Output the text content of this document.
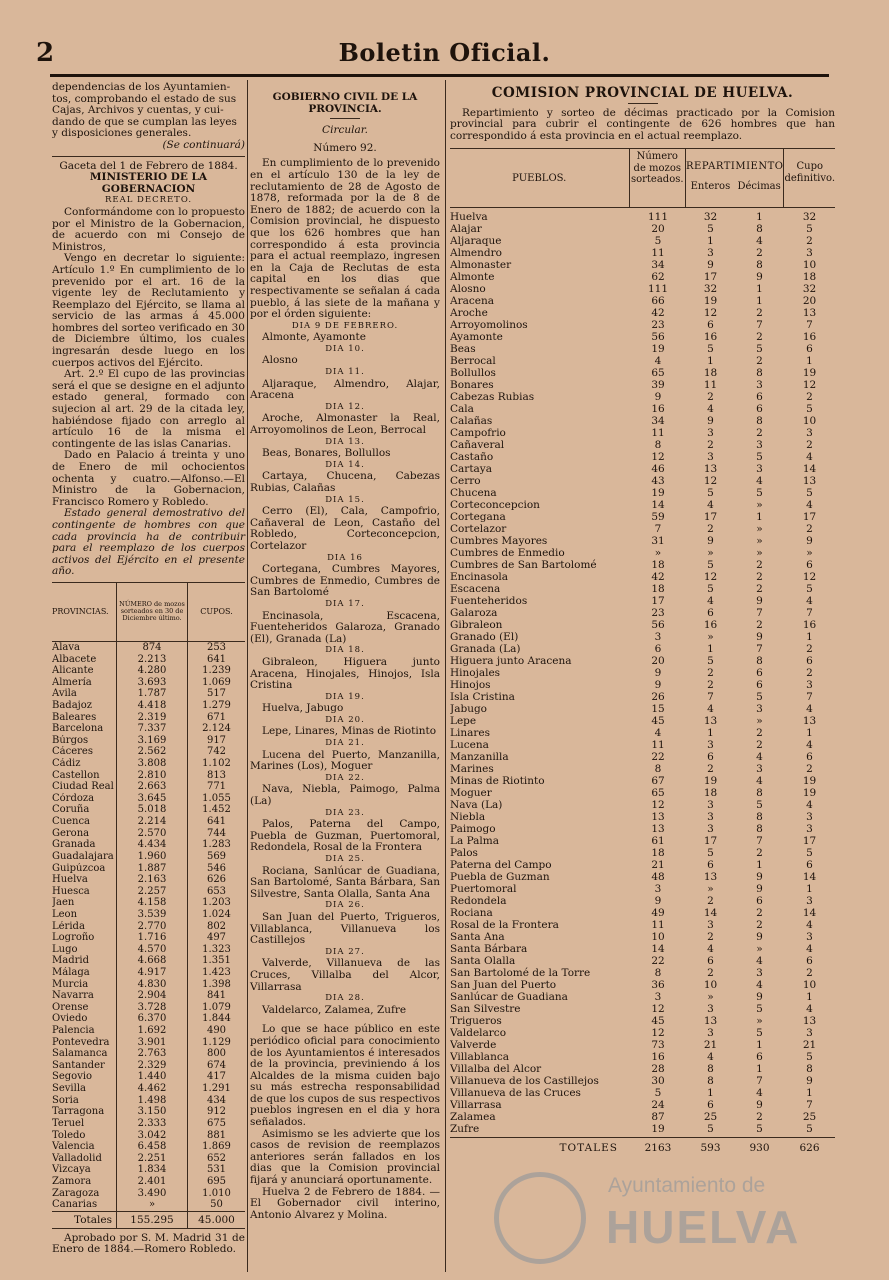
2	Boletin Oficial.

dependencias de los Ayuntamien-

tos, comprobando el estado de sus

Cajas, Archivos y cuentas, y cui-

dando de que se cumplan las leyes

y disposiciones generales.

(Se continuará)

Gaceta del 1 de Febrero de 1884.

MINISTERIO DE LA GOBERNACION

REAL DECRETO.

Conformándome con lo propuesto por el Ministro de la Gobernacion, de acuerdo con mi Consejo de Ministros,

Vengo en decretar lo siguiente: Artículo 1.º En cumplimiento de lo prevenido por el art. 16 de la vigente ley de Reclutamiento y Reemplazo del Ejército, se llama al servicio de las armas á 45.000 hombres del sorteo verificado en 30 de Diciembre último, los cuales ingresarán desde luego en los cuerpos activos del Ejército.

Art. 2.º El cupo de las provincias será el que se designe en el adjunto estado general, formado con sujecion al art. 29 de la citada ley, habiéndose fijado con arreglo al artículo 16 de la misma el contingente de las islas Canarias.

Dado en Palacio á treinta y uno de Enero de mil ochocientos ochenta y cuatro.—Alfonso.—El Ministro de la Gobernacion, Francisco Romero y Robledo.

Estado general demostrativo del contingente de hombres con que cada provincia ha de contribuir para el reemplazo de los cuerpos activos del Ejército en el presente año.

PROVINCIAS.
NÚMERO de mozos sorteados en 30 de Diciembre último.
CUPOS.
Alava	874	253
Albacete	2.213	641
Alicante	4.280	1.239
Almería	3.693	1.069
Avila	1.787	517
Badajoz	4.418	1.279
Baleares	2.319	671
Barcelona	7.337	2.124
Búrgos	3.169	917
Cáceres	2.562	742
Cádiz	3.808	1.102
Castellon	2.810	813
Ciudad Real	2.663	771
Córdoza	3.645	1.055
Coruña	5.018	1.452
Cuenca	2.214	641
Gerona	2.570	744
Granada	4.434	1.283
Guadalajara	1.960	569
Guipúzcoa	1.887	546
Huelva	2.163	626
Huesca	2.257	653
Jaen	4.158	1.203
Leon	3.539	1.024
Lérida	2.770	802
Logroño	1.716	497
Lugo	4.570	1.323
Madrid	4.668	1.351
Málaga	4.917	1.423
Murcia	4.830	1.398
Navarra	2.904	841
Orense	3.728	1.079
Oviedo	6.370	1.844
Palencia	1.692	490
Pontevedra	3.901	1.129
Salamanca	2.763	800
Santander	2.329	674
Segovio	1.440	417
Sevilla	4.462	1.291
Soria	1.498	434
Tarragona	3.150	912
Teruel	2.333	675
Toledo	3.042	881
Valencia	6.458	1.869
Valladolid	2.251	652
Vizcaya	1.834	531
Zamora	2.401	695
Zaragoza	3.490	1.010
Canarias	»	50
Totales	155.295	45.000

Aprobado por S. M. Madrid 31 de Enero de 1884.—Romero Robledo.

GOBIERNO CIVIL DE LA PROVINCIA.

Circular.

Número 92.

En cumplimiento de lo prevenido en el artículo 130 de la ley de reclutamiento de 28 de Agosto de 1878, reformada por la de 8 de Enero de 1882; de acuerdo con la Comision provincial, he dispuesto que los 626 hombres que han correspondido á esta provincia para el actual reemplazo, ingresen en la Caja de Reclutas de esta capital en los dias que respectivamente se señalan á cada pueblo, á las siete de la mañana y por el órden siguiente:

DIA 9 DE FEBRERO.

Almonte, Ayamonte

DIA 10.

Alosno

DIA 11.

Aljaraque, Almendro, Alajar, Aracena

DIA 12.

Aroche, Almonaster la Real, Arroyomolinos de Leon, Berrocal

DIA 13.

Beas, Bonares, Bollullos

DIA 14.

Cartaya, Chucena, Cabezas Rubias, Calañas

DIA 15.

Cerro (El), Cala, Campofrio, Cañaveral de Leon, Castaño del Robledo, Corteconcepcion, Cortelazor

DIA 16

Cortegana, Cumbres Mayores, Cumbres de Enmedio, Cumbres de San Bartolomé

DIA 17.

Encinasola, Escacena, Fuenteheridos Galaroza, Granado (El), Granada (La)

DIA 18.

Gibraleon, Higuera junto Aracena, Hinojales, Hinojos, Isla Cristina

DIA 19.

Huelva, Jabugo

DIA 20.

Lepe, Linares, Minas de Riotinto

DIA 21.

Lucena del Puerto, Manzanilla, Marines (Los), Moguer

DIA 22.

Nava, Niebla, Paimogo, Palma (La)

DIA 23.

Palos, Paterna del Campo, Puebla de Guzman, Puertomoral, Redondela, Rosal de la Frontera

DIA 25.

Rociana, Sanlúcar de Guadiana, San Bartolomé, Santa Bárbara, San Silvestre, Santa Olalla, Santa Ana

DIA 26.

San Juan del Puerto, Trigueros, Villablanca, Villanueva los Castillejos

DIA 27.

Valverde, Villanueva de las Cruces, Villalba del Alcor, Villarrasa

DIA 28.

Valdelarco, Zalamea, Zufre

Lo que se hace público en este periódico oficial para conocimiento de los Ayuntamientos é interesados de la provincia, previniendo á los Alcaldes de la misma cuiden bajo su más estrecha responsabilidad de que los cupos de sus respectivos pueblos ingresen en el dia y hora señalados.

Asimismo se les advierte que los casos de revision de reemplazos anteriores serán fallados en los dias que la Comision provincial fijará y anunciará oportunamente.

Huelva 2 de Febrero de 1884. —El Gobernador civil interino, Antonio Alvarez y Molina.

COMISION PROVINCIAL DE HUELVA.

Repartimiento y sorteo de décimas practicado por la Comision provincial para cubrir el contingente de 626 hombres que han correspondido á esta provincia en el actual reemplazo.

PUEBLOS.
Número de mozos sorteados.
REPARTIMIENTO
Enteros Décimas
Cupo definitivo.
Huelva	111	32	1	32
Alajar	20	5	8	5
Aljaraque	5	1	4	2
Almendro	11	3	2	3
Almonaster	34	9	8	10
Almonte	62	17	9	18
Alosno	111	32	1	32
Aracena	66	19	1	20
Aroche	42	12	2	13
Arroyomolinos	23	6	7	7
Ayamonte	56	16	2	16
Beas	19	5	5	6
Berrocal	4	1	2	1
Bollullos	65	18	8	19
Bonares	39	11	3	12
Cabezas Rubias	9	2	6	2
Cala	16	4	6	5
Calañas	34	9	8	10
Campofrio	11	3	2	3
Cañaveral	8	2	3	2
Castaño	12	3	5	4
Cartaya	46	13	3	14
Cerro	43	12	4	13
Chucena	19	5	5	5
Corteconcepcion	14	4	»	4
Cortegana	59	17	1	17
Cortelazor	7	2	»	2
Cumbres Mayores	31	9	»	9
Cumbres de Enmedio	»	»	»	»
Cumbres de San Bartolomé	18	5	2	6
Encinasola	42	12	2	12
Escacena	18	5	2	5
Fuenteheridos	17	4	9	4
Galaroza	23	6	7	7
Gibraleon	56	16	2	16
Granado (El)	3	»	9	1
Granada (La)	6	1	7	2
Higuera junto Aracena	20	5	8	6
Hinojales	9	2	6	2
Hinojos	9	2	6	3
Isla Cristina	26	7	5	7
Jabugo	15	4	3	4
Lepe	45	13	»	13
Linares	4	1	2	1
Lucena	11	3	2	4
Manzanilla	22	6	4	6
Marines	8	2	3	2
Minas de Riotinto	67	19	4	19
Moguer	65	18	8	19
Nava (La)	12	3	5	4
Niebla	13	3	8	3
Paimogo	13	3	8	3
La Palma	61	17	7	17
Palos	18	5	2	5
Paterna del Campo	21	6	1	6
Puebla de Guzman	48	13	9	14
Puertomoral	3	»	9	1
Redondela	9	2	6	3
Rociana	49	14	2	14
Rosal de la Frontera	11	3	2	4
Santa Ana	10	2	9	3
Santa Bárbara	14	4	»	4
Santa Olalla	22	6	4	6
San Bartolomé de la Torre	8	2	3	2
San Juan del Puerto	36	10	4	10
Sanlúcar de Guadiana	3	»	9	1
San Silvestre	12	3	5	4
Trigueros	45	13	»	13
Valdelarco	12	3	5	3
Valverde	73	21	1	21
Villablanca	16	4	6	5
Villalba del Alcor	28	8	1	8
Villanueva de los Castillejos	30	8	7	9
Villanueva de las Cruces	5	1	4	1
Villarrasa	24	6	9	7
Zalamea	87	25	2	25
Zufre	19	5	5	5
TOTALES	2163	593	930	626
Ayuntamiento de
HUELVA
